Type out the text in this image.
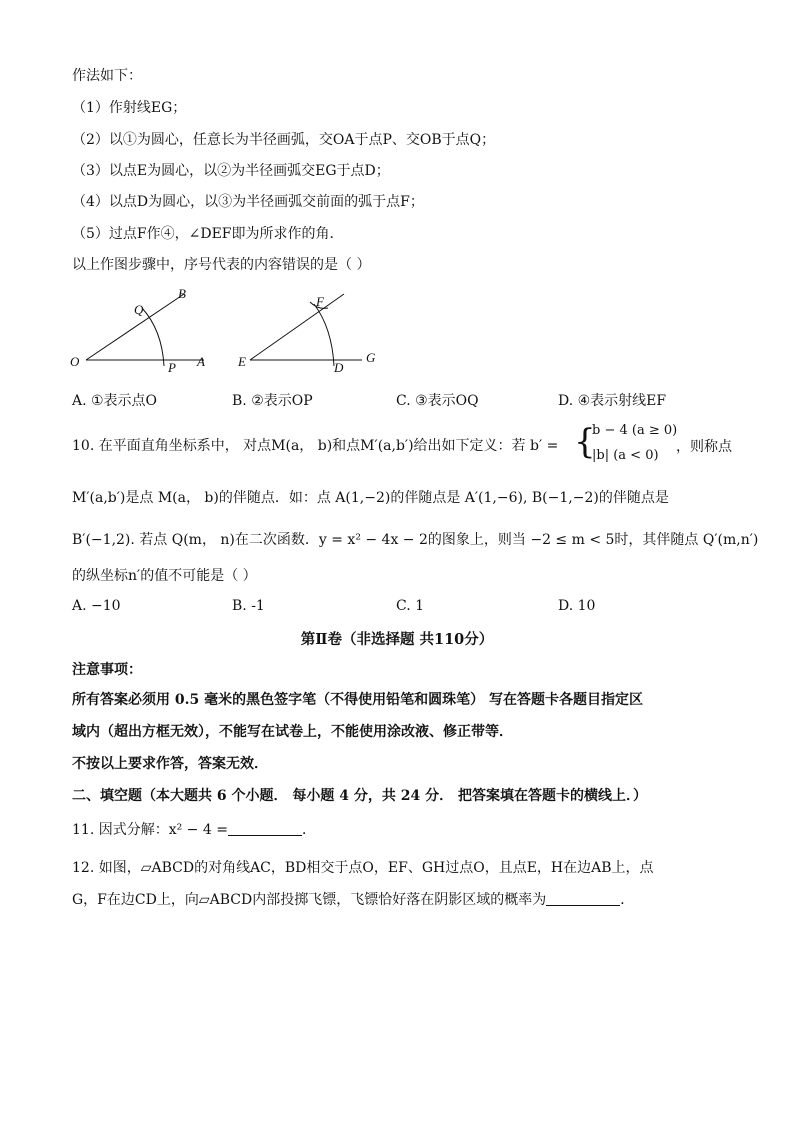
作法如下：
（1）作射线EG；
（2）以①为圆心，任意长为半径画弧，交OA于点P、交OB于点Q；
（3）以点E为圆心，以②为半径画弧交EG于点D；
（4）以点D为圆心，以③为半径画弧交前面的弧于点F；
（5）过点F作④，∠DEF即为所求作的角．
以上作图步骤中，序号代表的内容错误的是（ ）
O	P A
Q
B
E	D
G
F
A. ①表示点O	B. ②表示OP	C. ③表示OQ	D. ④表示射线EF
10. 在平面直角坐标系中， 对点M(a， b)和点M′(a,b′)给出如下定义：若 b′ = {
b − 4 (a ≥ 0)
|b| (a < 0)
，则称点
M′(a,b′)是点 M(a， b)的伴随点．如：点 A(1,−2)的伴随点是 A′(1,−6), B(−1,−2)的伴随点是
B′(−1,2). 若点 Q(m， n)在二次函数．y = x² − 4x − 2的图象上，则当 −2 ≤ m < 5时，其伴随点 Q′(m,n′)
的纵坐标n′的值不可能是（ ）
A. −10	B. -1	C. 1	D. 10
第Ⅱ卷（非选择题 共110分）
注意事项：
所有答案必须用 0.5 毫米的黑色签字笔（不得使用铅笔和圆珠笔） 写在答题卡各题目指定区
域内（超出方框无效），不能写在试卷上，不能使用涂改液、修正带等．
不按以上要求作答，答案无效．
二、填空题（本大题共 6 个小题． 每小题 4 分，共 24 分． 把答案填在答题卡的横线上．）
11. 因式分解：x² − 4 =	．
12. 如图，▱ABCD的对角线AC，BD相交于点O，EF、GH过点O，且点E，H在边AB上，点
G，F在边CD上，向▱ABCD内部投掷飞镖，飞镖恰好落在阴影区域的概率为	．
